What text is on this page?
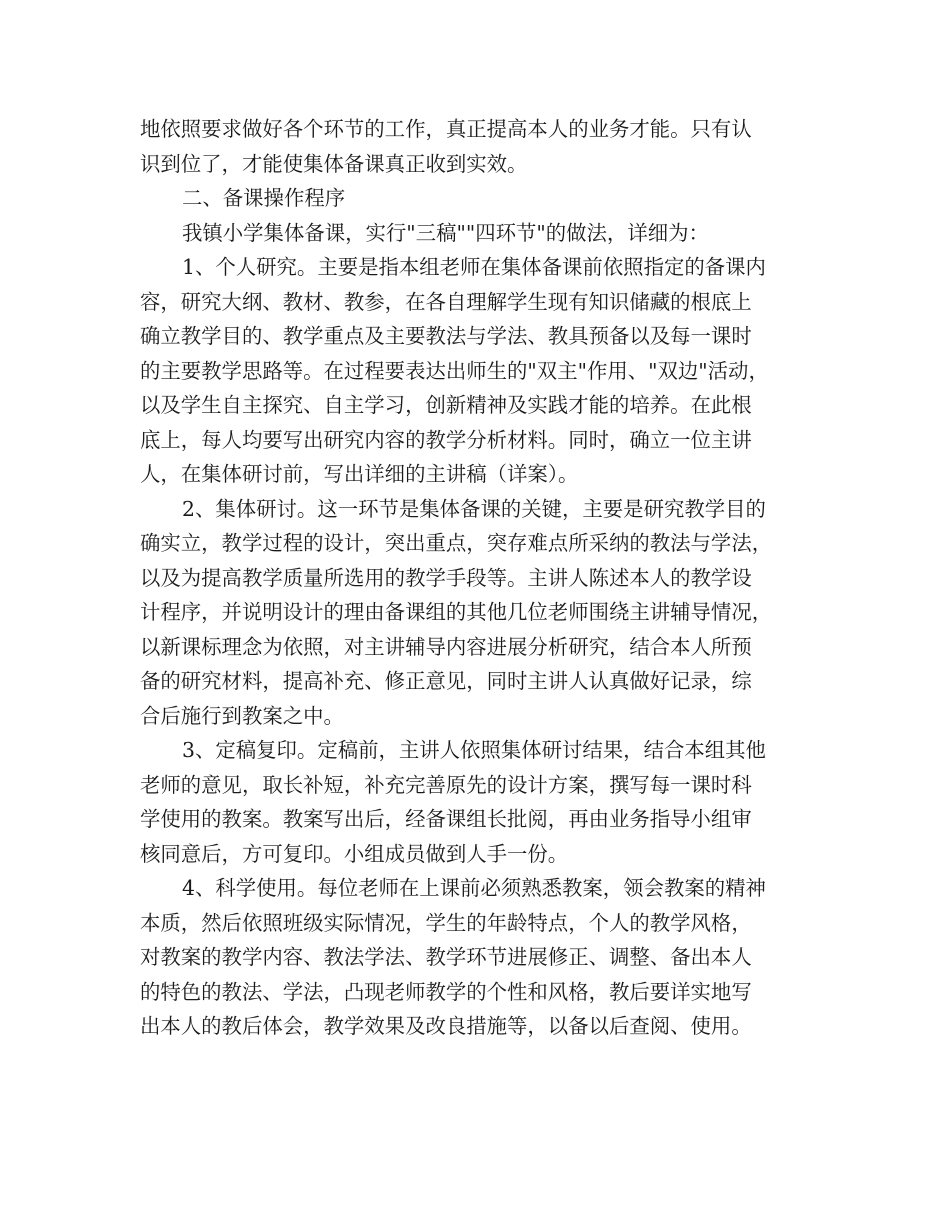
地依照要求做好各个环节的工作，真正提高本人的业务才能。只有认
识到位了，才能使集体备课真正收到实效。
二、备课操作程序
我镇小学集体备课，实行"三稿""四环节"的做法，详细为：
1、个人研究。主要是指本组老师在集体备课前依照指定的备课内
容，研究大纲、教材、教参，在各自理解学生现有知识储藏的根底上
确立教学目的、教学重点及主要教法与学法、教具预备以及每一课时
的主要教学思路等。在过程要表达出师生的"双主"作用、"双边"活动，
以及学生自主探究、自主学习，创新精神及实践才能的培养。在此根
底上，每人均要写出研究内容的教学分析材料。同时，确立一位主讲
人，在集体研讨前，写出详细的主讲稿（详案）。
2、集体研讨。这一环节是集体备课的关键，主要是研究教学目的
确实立，教学过程的设计，突出重点，突存难点所采纳的教法与学法，
以及为提高教学质量所选用的教学手段等。主讲人陈述本人的教学设
计程序，并说明设计的理由备课组的其他几位老师围绕主讲辅导情况，
以新课标理念为依照，对主讲辅导内容进展分析研究，结合本人所预
备的研究材料，提高补充、修正意见，同时主讲人认真做好记录，综
合后施行到教案之中。
3、定稿复印。定稿前，主讲人依照集体研讨结果，结合本组其他
老师的意见，取长补短，补充完善原先的设计方案，撰写每一课时科
学使用的教案。教案写出后，经备课组长批阅，再由业务指导小组审
核同意后，方可复印。小组成员做到人手一份。
4、科学使用。每位老师在上课前必须熟悉教案，领会教案的精神
本质，然后依照班级实际情况，学生的年龄特点，个人的教学风格，
对教案的教学内容、教法学法、教学环节进展修正、调整、备出本人
的特色的教法、学法，凸现老师教学的个性和风格，教后要详实地写
出本人的教后体会，教学效果及改良措施等，以备以后查阅、使用。
